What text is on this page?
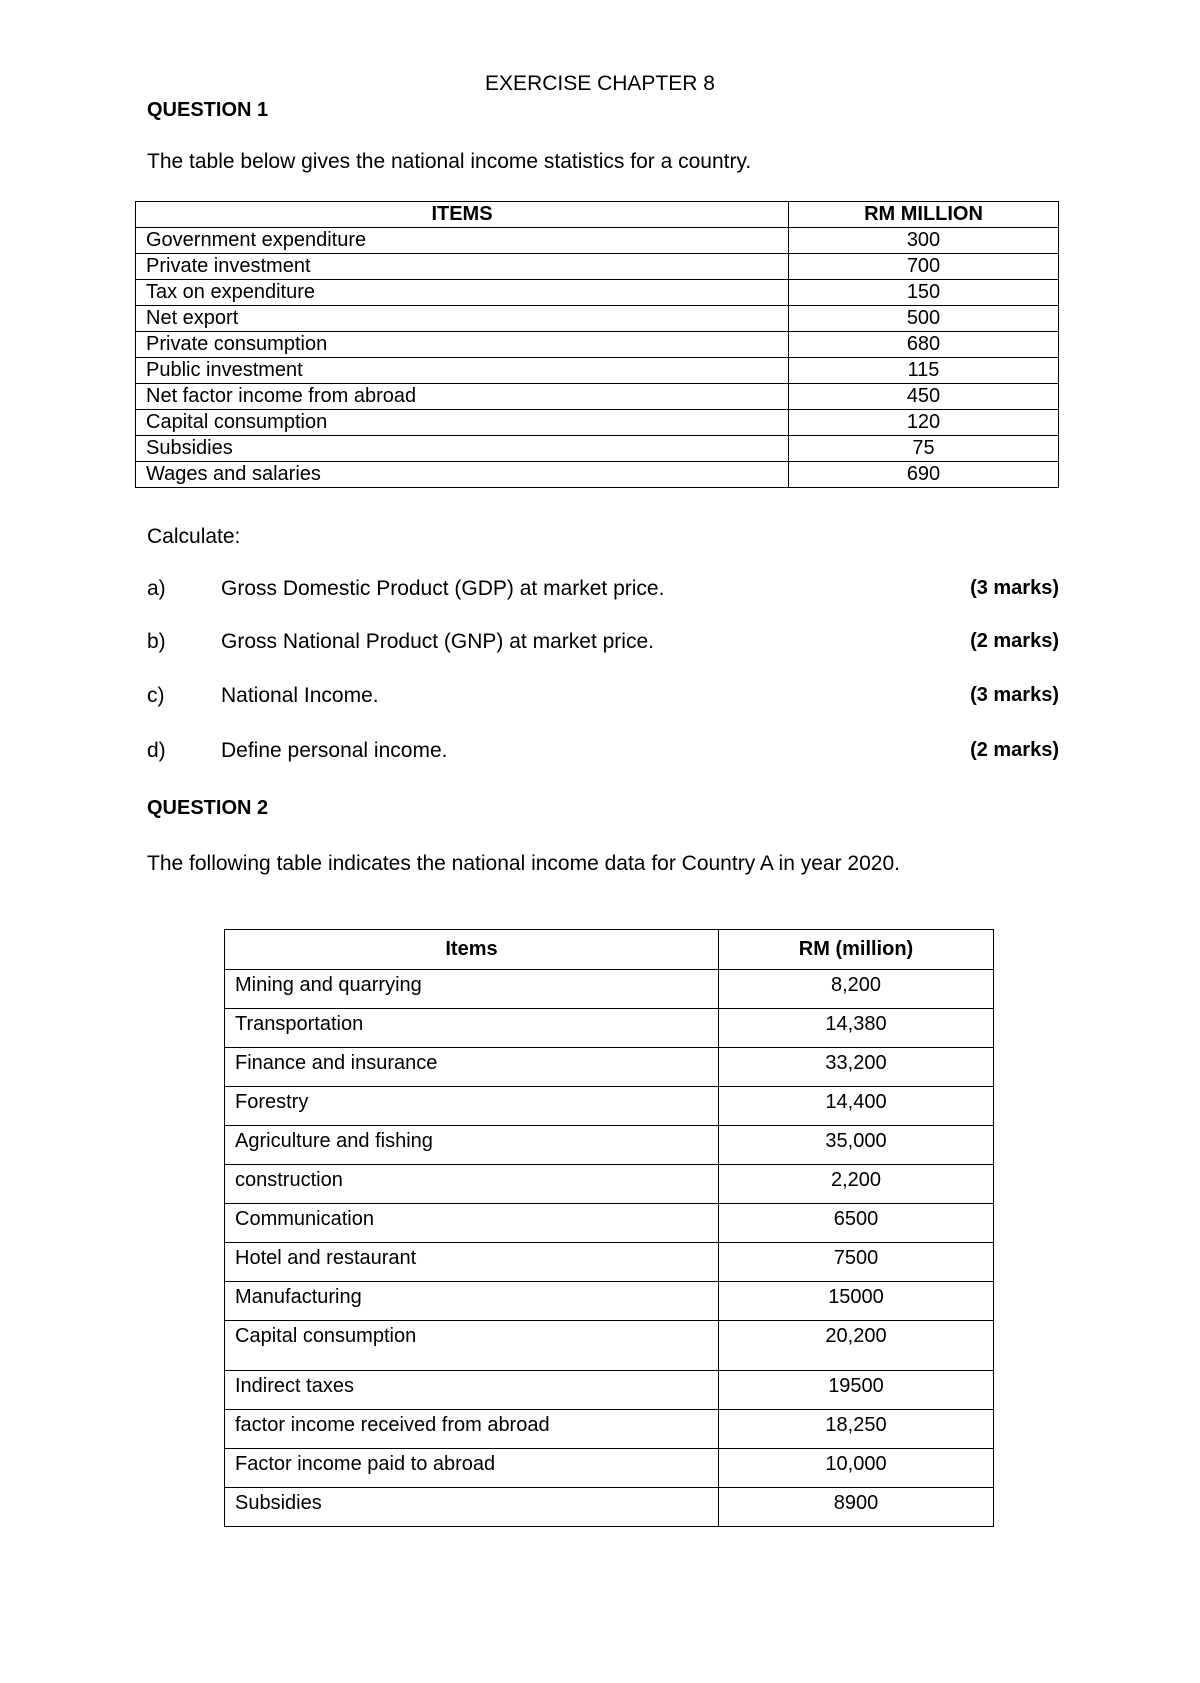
EXERCISE CHAPTER 8
QUESTION 1
The table below gives the national income statistics for a country.
ITEMS	RM MILLION
Government expenditure	300
Private investment	700
Tax on expenditure	150
Net export	500
Private consumption	680
Public investment	115
Net factor income from abroad	450
Capital consumption	120
Subsidies	75
Wages and salaries	690
Calculate:
a)	Gross Domestic Product (GDP) at market price.	(3 marks)
b)	Gross National Product (GNP) at market price.	(2 marks)
c)	National Income.	(3 marks)
d)	Define personal income.	(2 marks)
QUESTION 2
The following table indicates the national income data for Country A in year 2020.
Items	RM (million)
Mining and quarrying	8,200
Transportation	14,380
Finance and insurance	33,200
Forestry	14,400
Agriculture and fishing	35,000
construction	2,200
Communication	6500
Hotel and restaurant	7500
Manufacturing	15000
Capital consumption	20,200
Indirect taxes	19500
factor income received from abroad	18,250
Factor income paid to abroad	10,000
Subsidies	8900
